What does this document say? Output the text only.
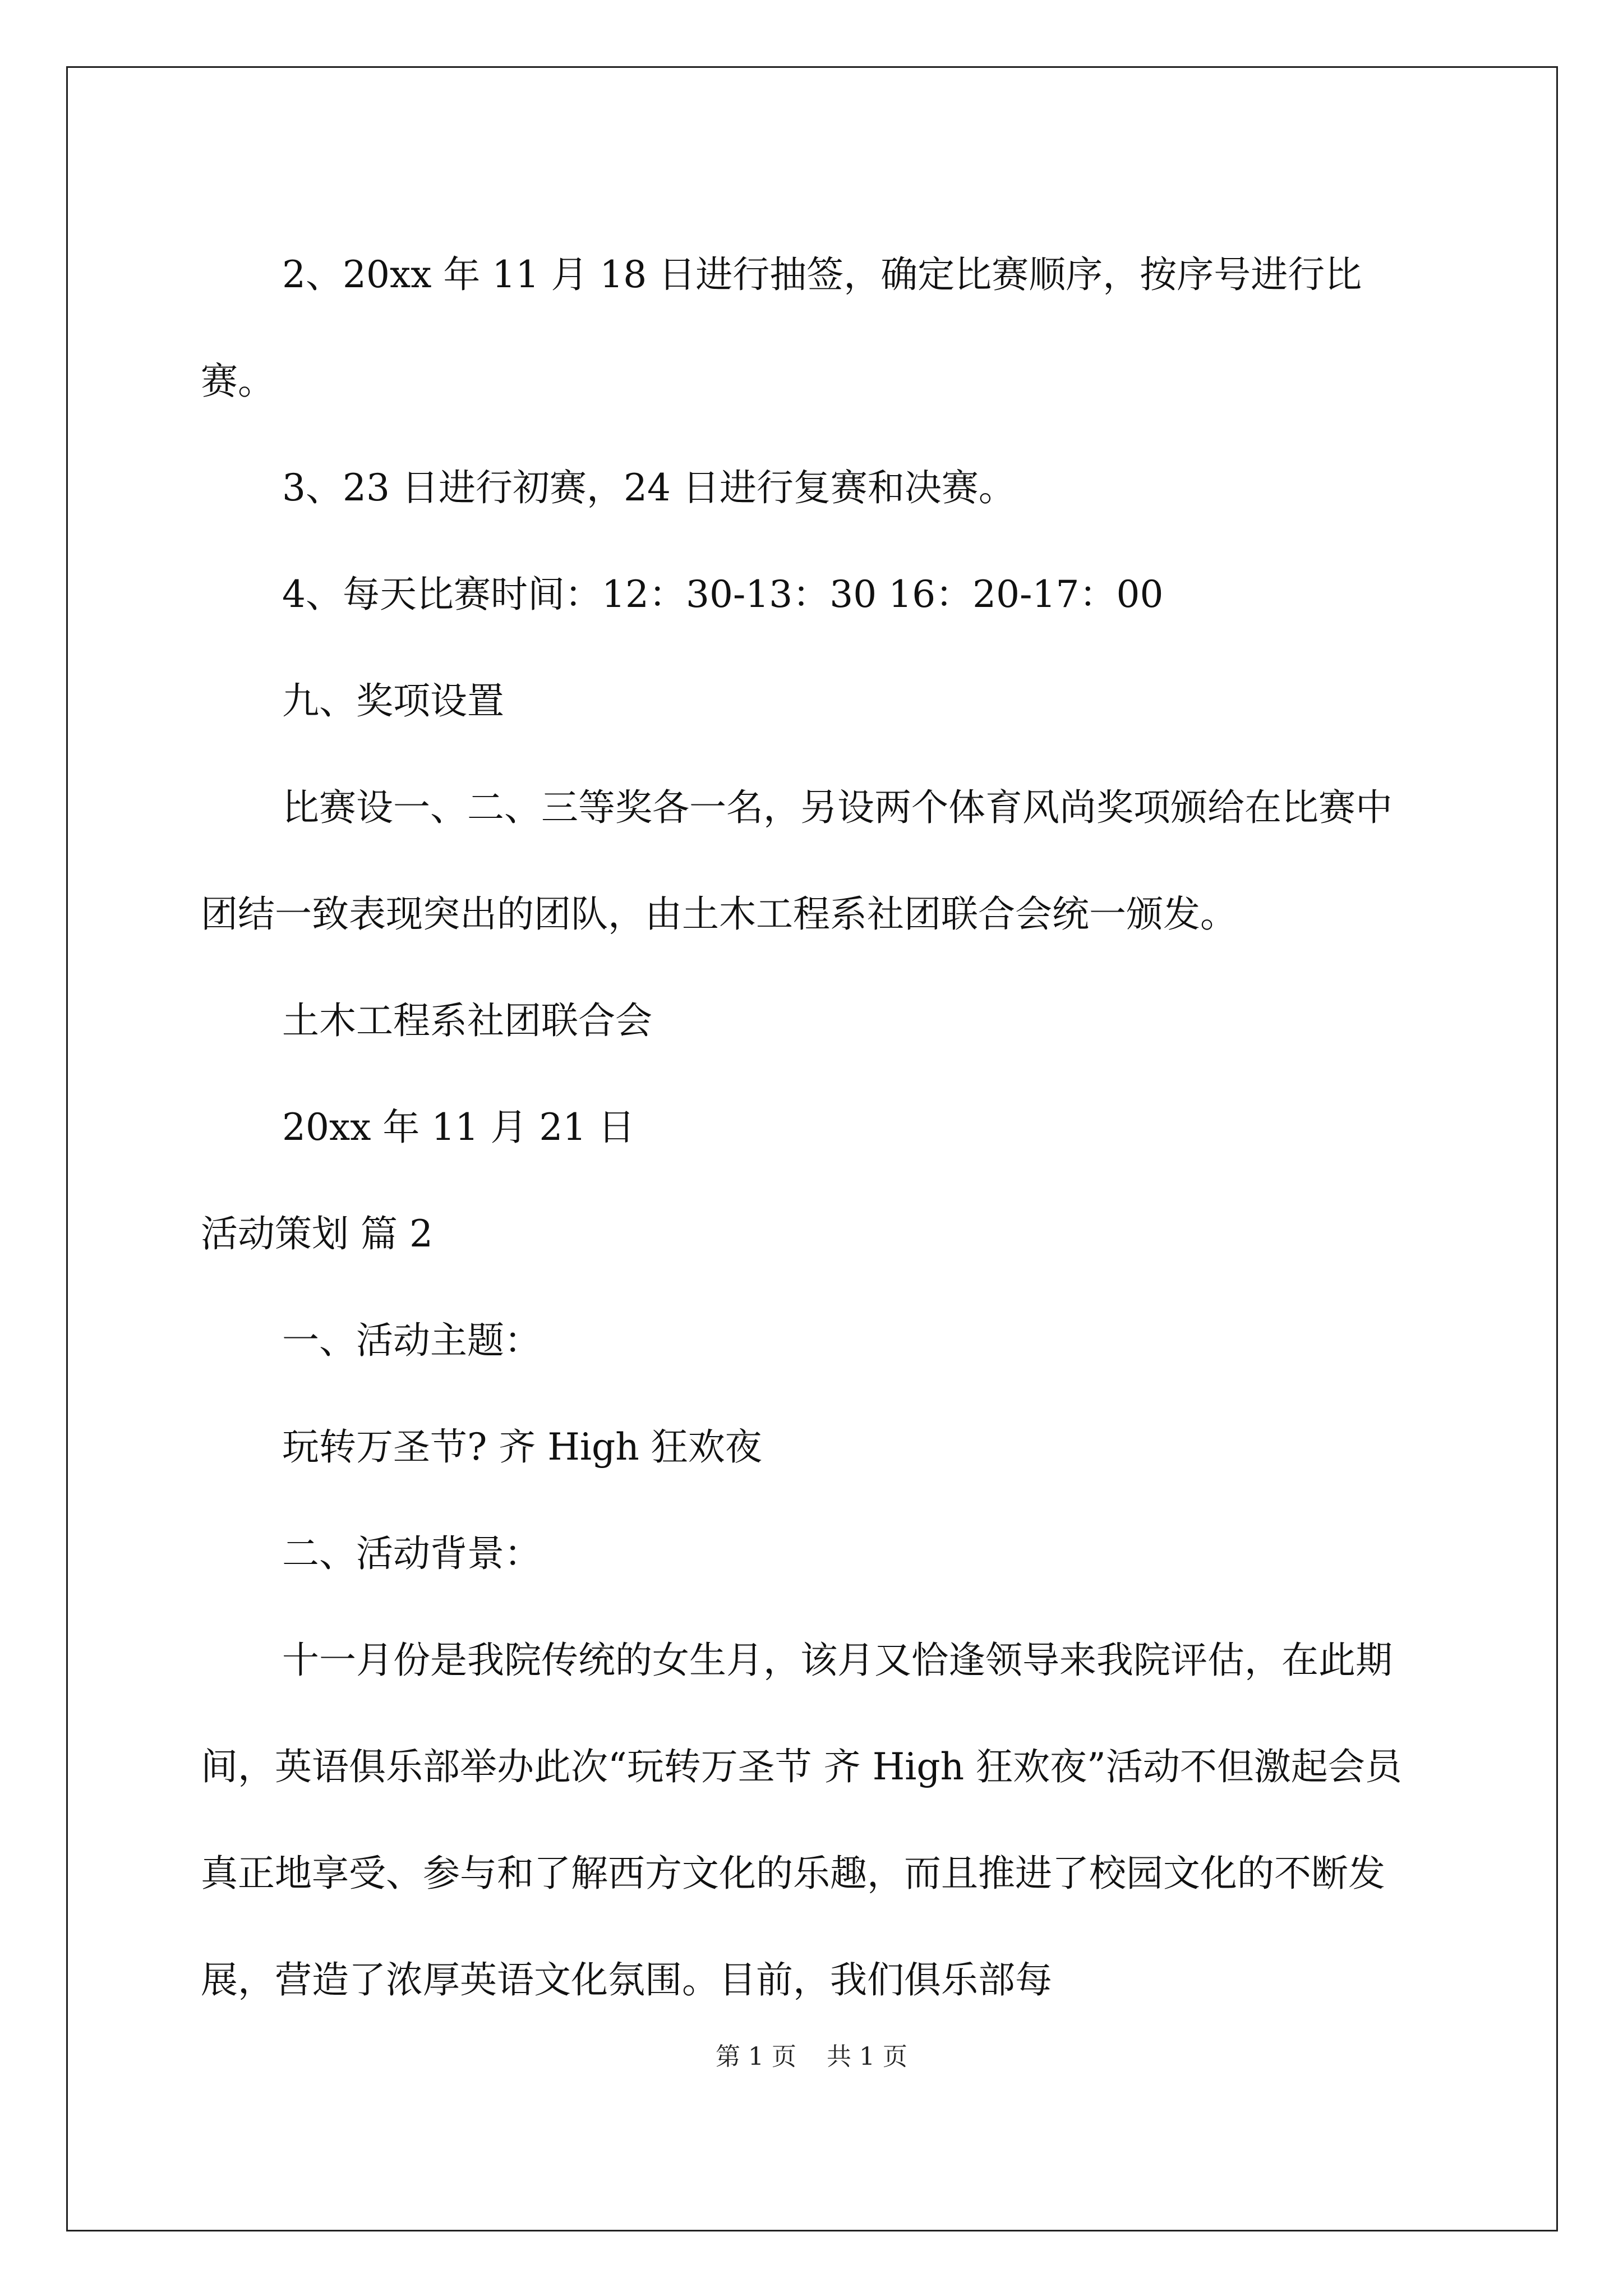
2、20xx 年 11 月 18 日进行抽签，确定比赛顺序，按序号进行比赛。

3、23 日进行初赛，24 日进行复赛和决赛。

4、每天比赛时间：12：30-13：30 16：20-17：00

九、奖项设置

比赛设一、二、三等奖各一名，另设两个体育风尚奖项颁给在比赛中团结一致表现突出的团队，由土木工程系社团联合会统一颁发。

土木工程系社团联合会

20xx 年 11 月 21 日

活动策划 篇 2

一、活动主题：

玩转万圣节? 齐 High 狂欢夜

二、活动背景：

十一月份是我院传统的女生月，该月又恰逢领导来我院评估，在此期间，英语俱乐部举办此次“玩转万圣节 齐 High 狂欢夜”活动不但激起会员真正地享受、参与和了解西方文化的乐趣，而且推进了校园文化的不断发展，营造了浓厚英语文化氛围。目前，我们俱乐部每

第 1 页 共 1 页
